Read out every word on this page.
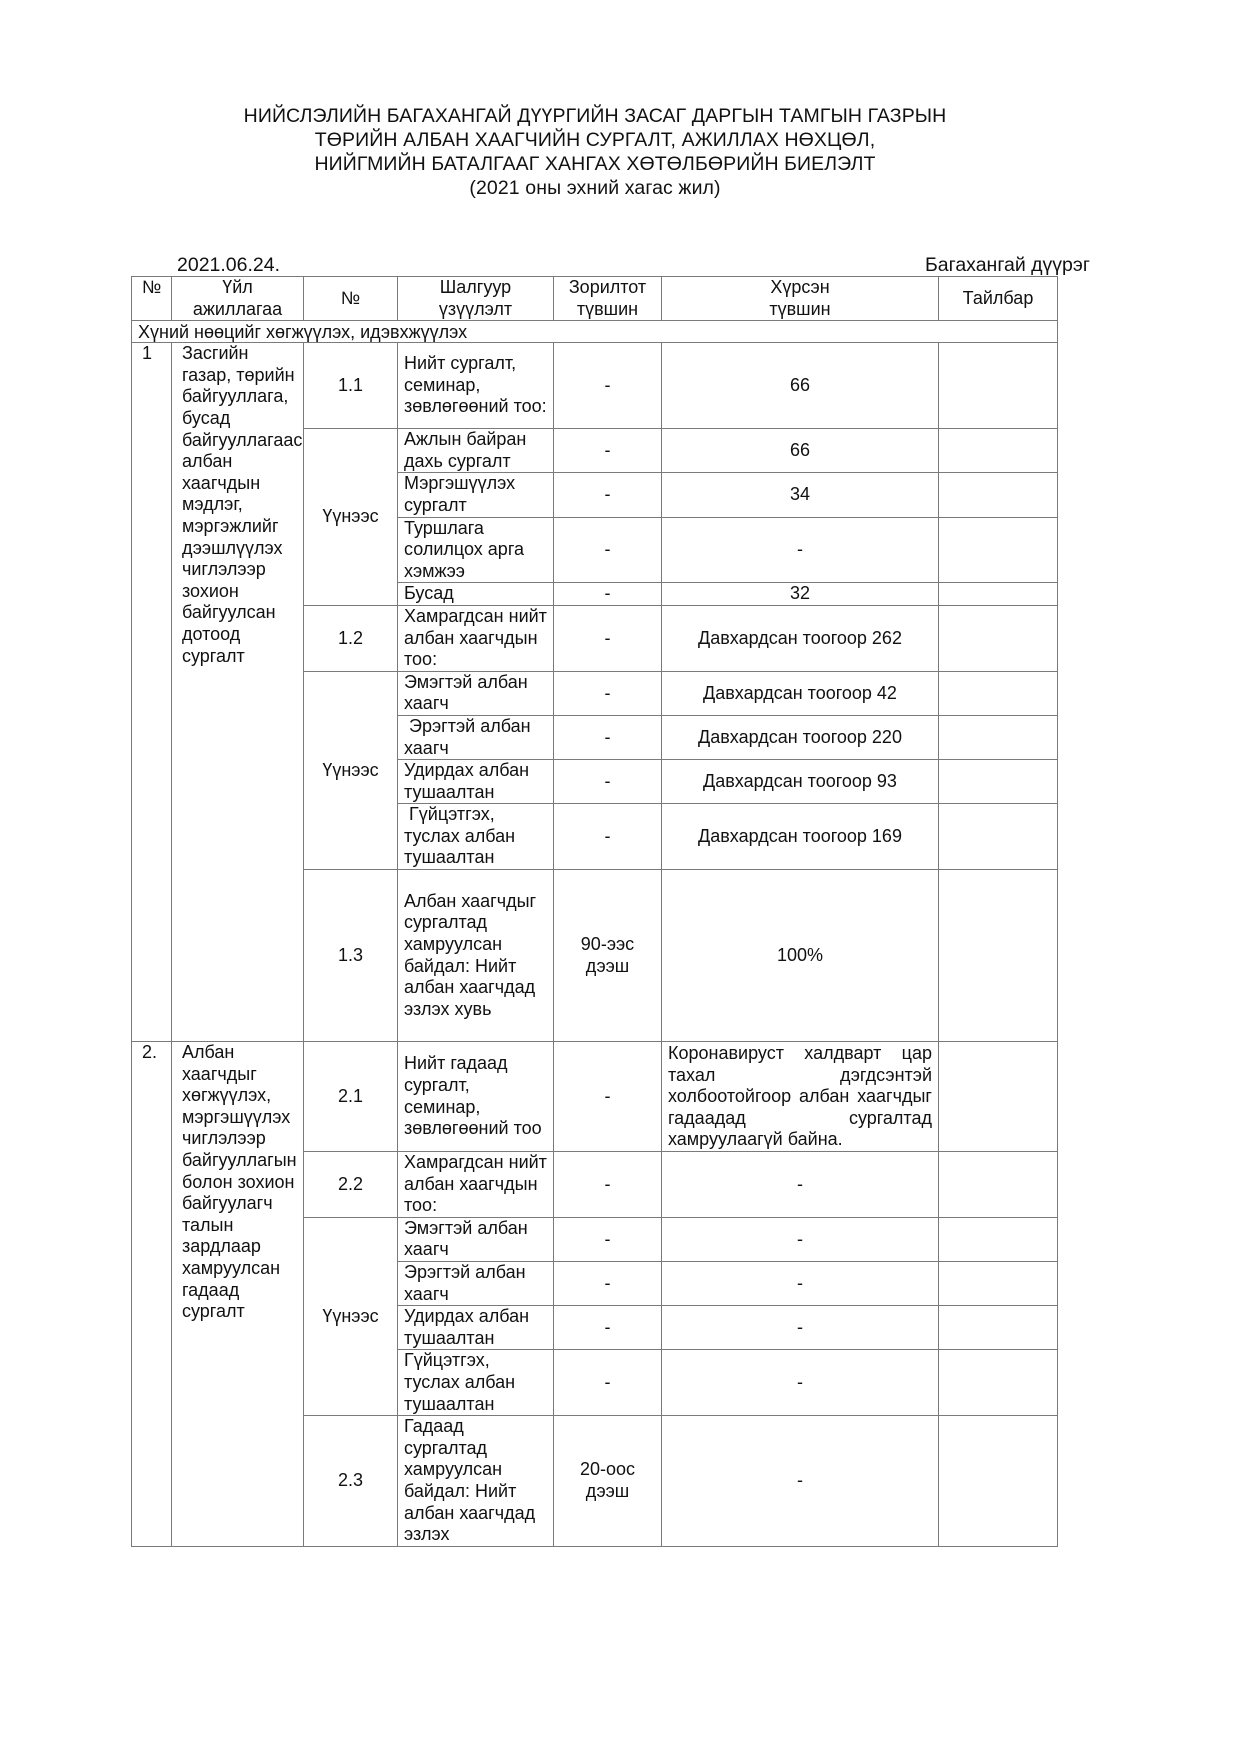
НИЙСЛЭЛИЙН БАГАХАНГАЙ ДҮҮРГИЙН ЗАСАГ ДАРГЫН ТАМГЫН ГАЗРЫН
ТӨРИЙН АЛБАН ХААГЧИЙН СУРГАЛТ, АЖИЛЛАХ НӨХЦӨЛ,
НИЙГМИЙН БАТАЛГААГ ХАНГАХ ХӨТӨЛБӨРИЙН БИЕЛЭЛТ
(2021 оны эхний хагас жил)
2021.06.24.	Багахангай дүүрэг
№	Үйл ажиллагаа	№	Шалгуур үзүүлэлт	Зорилтот түвшин	Хүрсэн түвшин	Тайлбар
Хүний нөөцийг хөгжүүлэх, идэвхжүүлэх						
1	Засгийн газар, төрийн байгууллага, бусад байгууллагаас албан хаагчдын мэдлэг, мэргэжлийг дээшлүүлэх чиглэлээр зохион байгуулсан дотоод сургалт	1.1	Нийт сургалт, семинар, зөвлөгөөний тоо:	-	66	
		Үүнээс	Ажлын байран дахь сургалт	-	66	
			Мэргэшүүлэх сургалт	-	34	
			Туршлага солилцох арга хэмжээ	-	-	
			Бусад	-	32	
		1.2	Хамрагдсан нийт албан хаагчдын тоо:	-	Давхардсан тоогоор 262	
		Үүнээс	Эмэгтэй албан хаагч	-	Давхардсан тоогоор 42	
			Эрэгтэй албан хаагч	-	Давхардсан тоогоор 220	
			Удирдах албан тушаалтан	-	Давхардсан тоогоор 93	
			Гүйцэтгэх, туслах албан тушаалтан	-	Давхардсан тоогоор 169	
		1.3	Албан хаагчдыг сургалтад хамруулсан байдал: Нийт албан хаагчдад эзлэх хувь	90-ээс дээш	100%	
2.	Албан хаагчдыг хөгжүүлэх, мэргэшүүлэх чиглэлээр байгууллагын болон зохион байгуулагч талын зардлаар хамруулсан гадаад сургалт	2.1	Нийт гадаад сургалт, семинар, зөвлөгөөний тоо	-	Коронавируст халдварт цар тахал дэгдсэнтэй холбоотойгоор албан хаагчдыг гадаадад сургалтад хамруулаагүй байна.	
		2.2	Хамрагдсан нийт албан хаагчдын тоо:	-	-	
		Үүнээс	Эмэгтэй албан хаагч	-	-	
			Эрэгтэй албан хаагч	-	-	
			Удирдах албан тушаалтан	-	-	
			Гүйцэтгэх, туслах албан тушаалтан	-	-	
		2.3	Гадаад сургалтад хамруулсан байдал: Нийт албан хаагчдад эзлэх	20-оос дээш	-	
